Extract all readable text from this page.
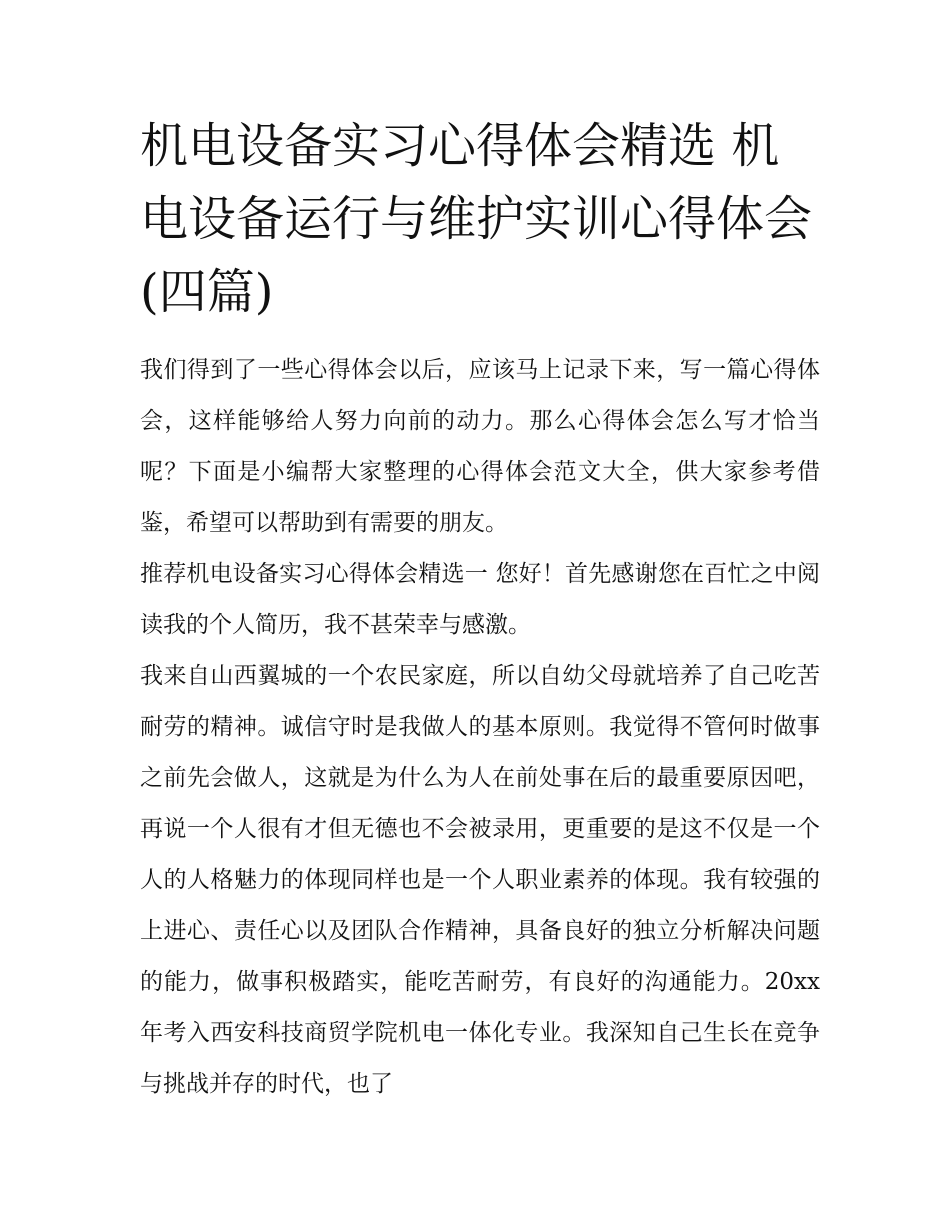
机电设备实习心得体会精选 机电设备运行与维护实训心得体会(四篇)

我们得到了一些心得体会以后，应该马上记录下来，写一篇心得体会，这样能够给人努力向前的动力。那么心得体会怎么写才恰当呢？下面是小编帮大家整理的心得体会范文大全，供大家参考借鉴，希望可以帮助到有需要的朋友。

推荐机电设备实习心得体会精选一 您好！首先感谢您在百忙之中阅读我的个人简历，我不甚荣幸与感激。

我来自山西翼城的一个农民家庭，所以自幼父母就培养了自己吃苦耐劳的精神。诚信守时是我做人的基本原则。我觉得不管何时做事之前先会做人，这就是为什么为人在前处事在后的最重要原因吧，再说一个人很有才但无德也不会被录用，更重要的是这不仅是一个人的人格魅力的体现同样也是一个人职业素养的体现。我有较强的上进心、责任心以及团队合作精神，具备良好的独立分析解决问题的能力，做事积极踏实，能吃苦耐劳，有良好的沟通能力。20xx 年考入西安科技商贸学院机电一体化专业。我深知自己生长在竞争与挑战并存的时代，也了
